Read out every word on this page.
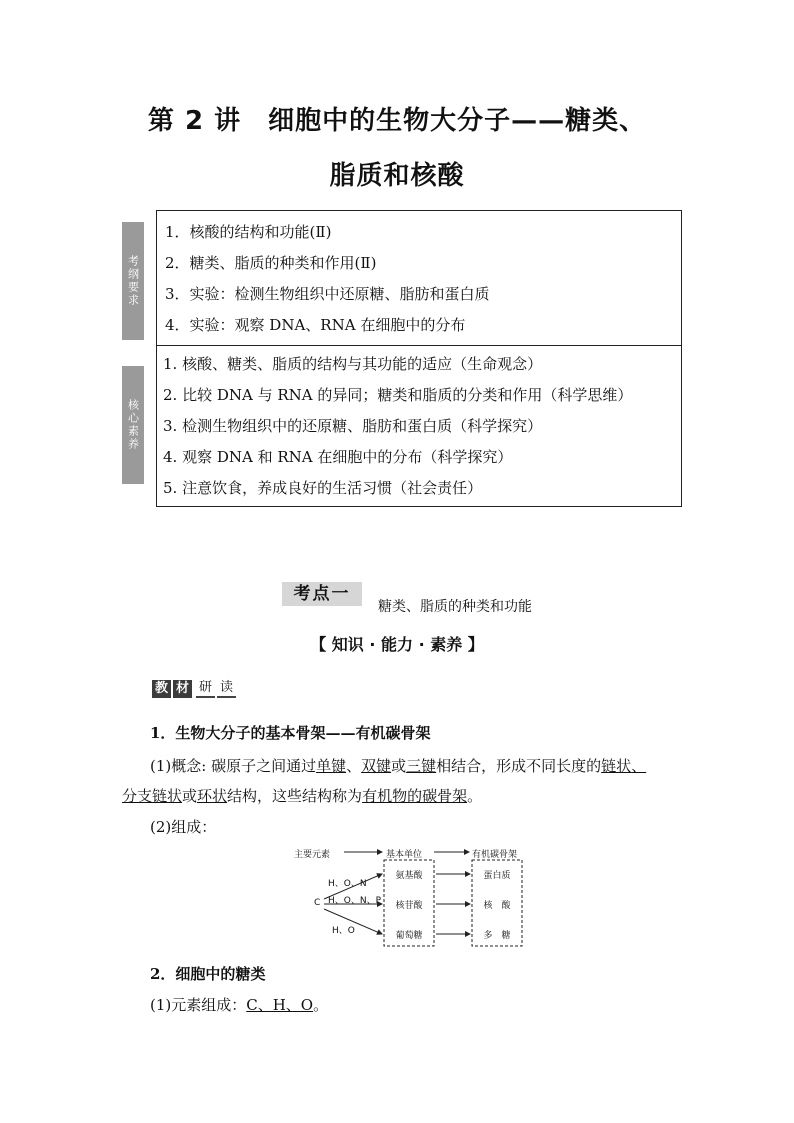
第 2 讲　细胞中的生物大分子——糖类、
脂质和核酸
考纲要求
核心素养
1．核酸的结构和功能(Ⅱ)
2．糖类、脂质的种类和作用(Ⅱ)
3．实验：检测生物组织中还原糖、脂肪和蛋白质
4．实验：观察 DNA、RNA 在细胞中的分布
1. 核酸、糖类、脂质的结构与其功能的适应（生命观念）
2. 比较 DNA 与 RNA 的异同；糖类和脂质的分类和作用（科学思维）
3. 检测生物组织中的还原糖、脂肪和蛋白质（科学探究）
4. 观察 DNA 和 RNA 在细胞中的分布（科学探究）
5. 注意饮食，养成良好的生活习惯（社会责任）
考点一
糖类、脂质的种类和功能
【 知识 · 能力 · 素养 】
教 材 研 读
1．生物大分子的基本骨架——有机碳骨架
(1)概念: 碳原子之间通过单键、双键或三键相结合，形成不同长度的链状、
分支链状或环状结构，这些结构称为有机物的碳骨架。
(2)组成：
主要元素	基本单位	有机碳骨架
C
H、O、N
H、O、N、P
H、O
氨基酸
核苷酸
葡萄糖
蛋白质
核　酸
多　糖
2．细胞中的糖类
(1)元素组成：C、H、O。
